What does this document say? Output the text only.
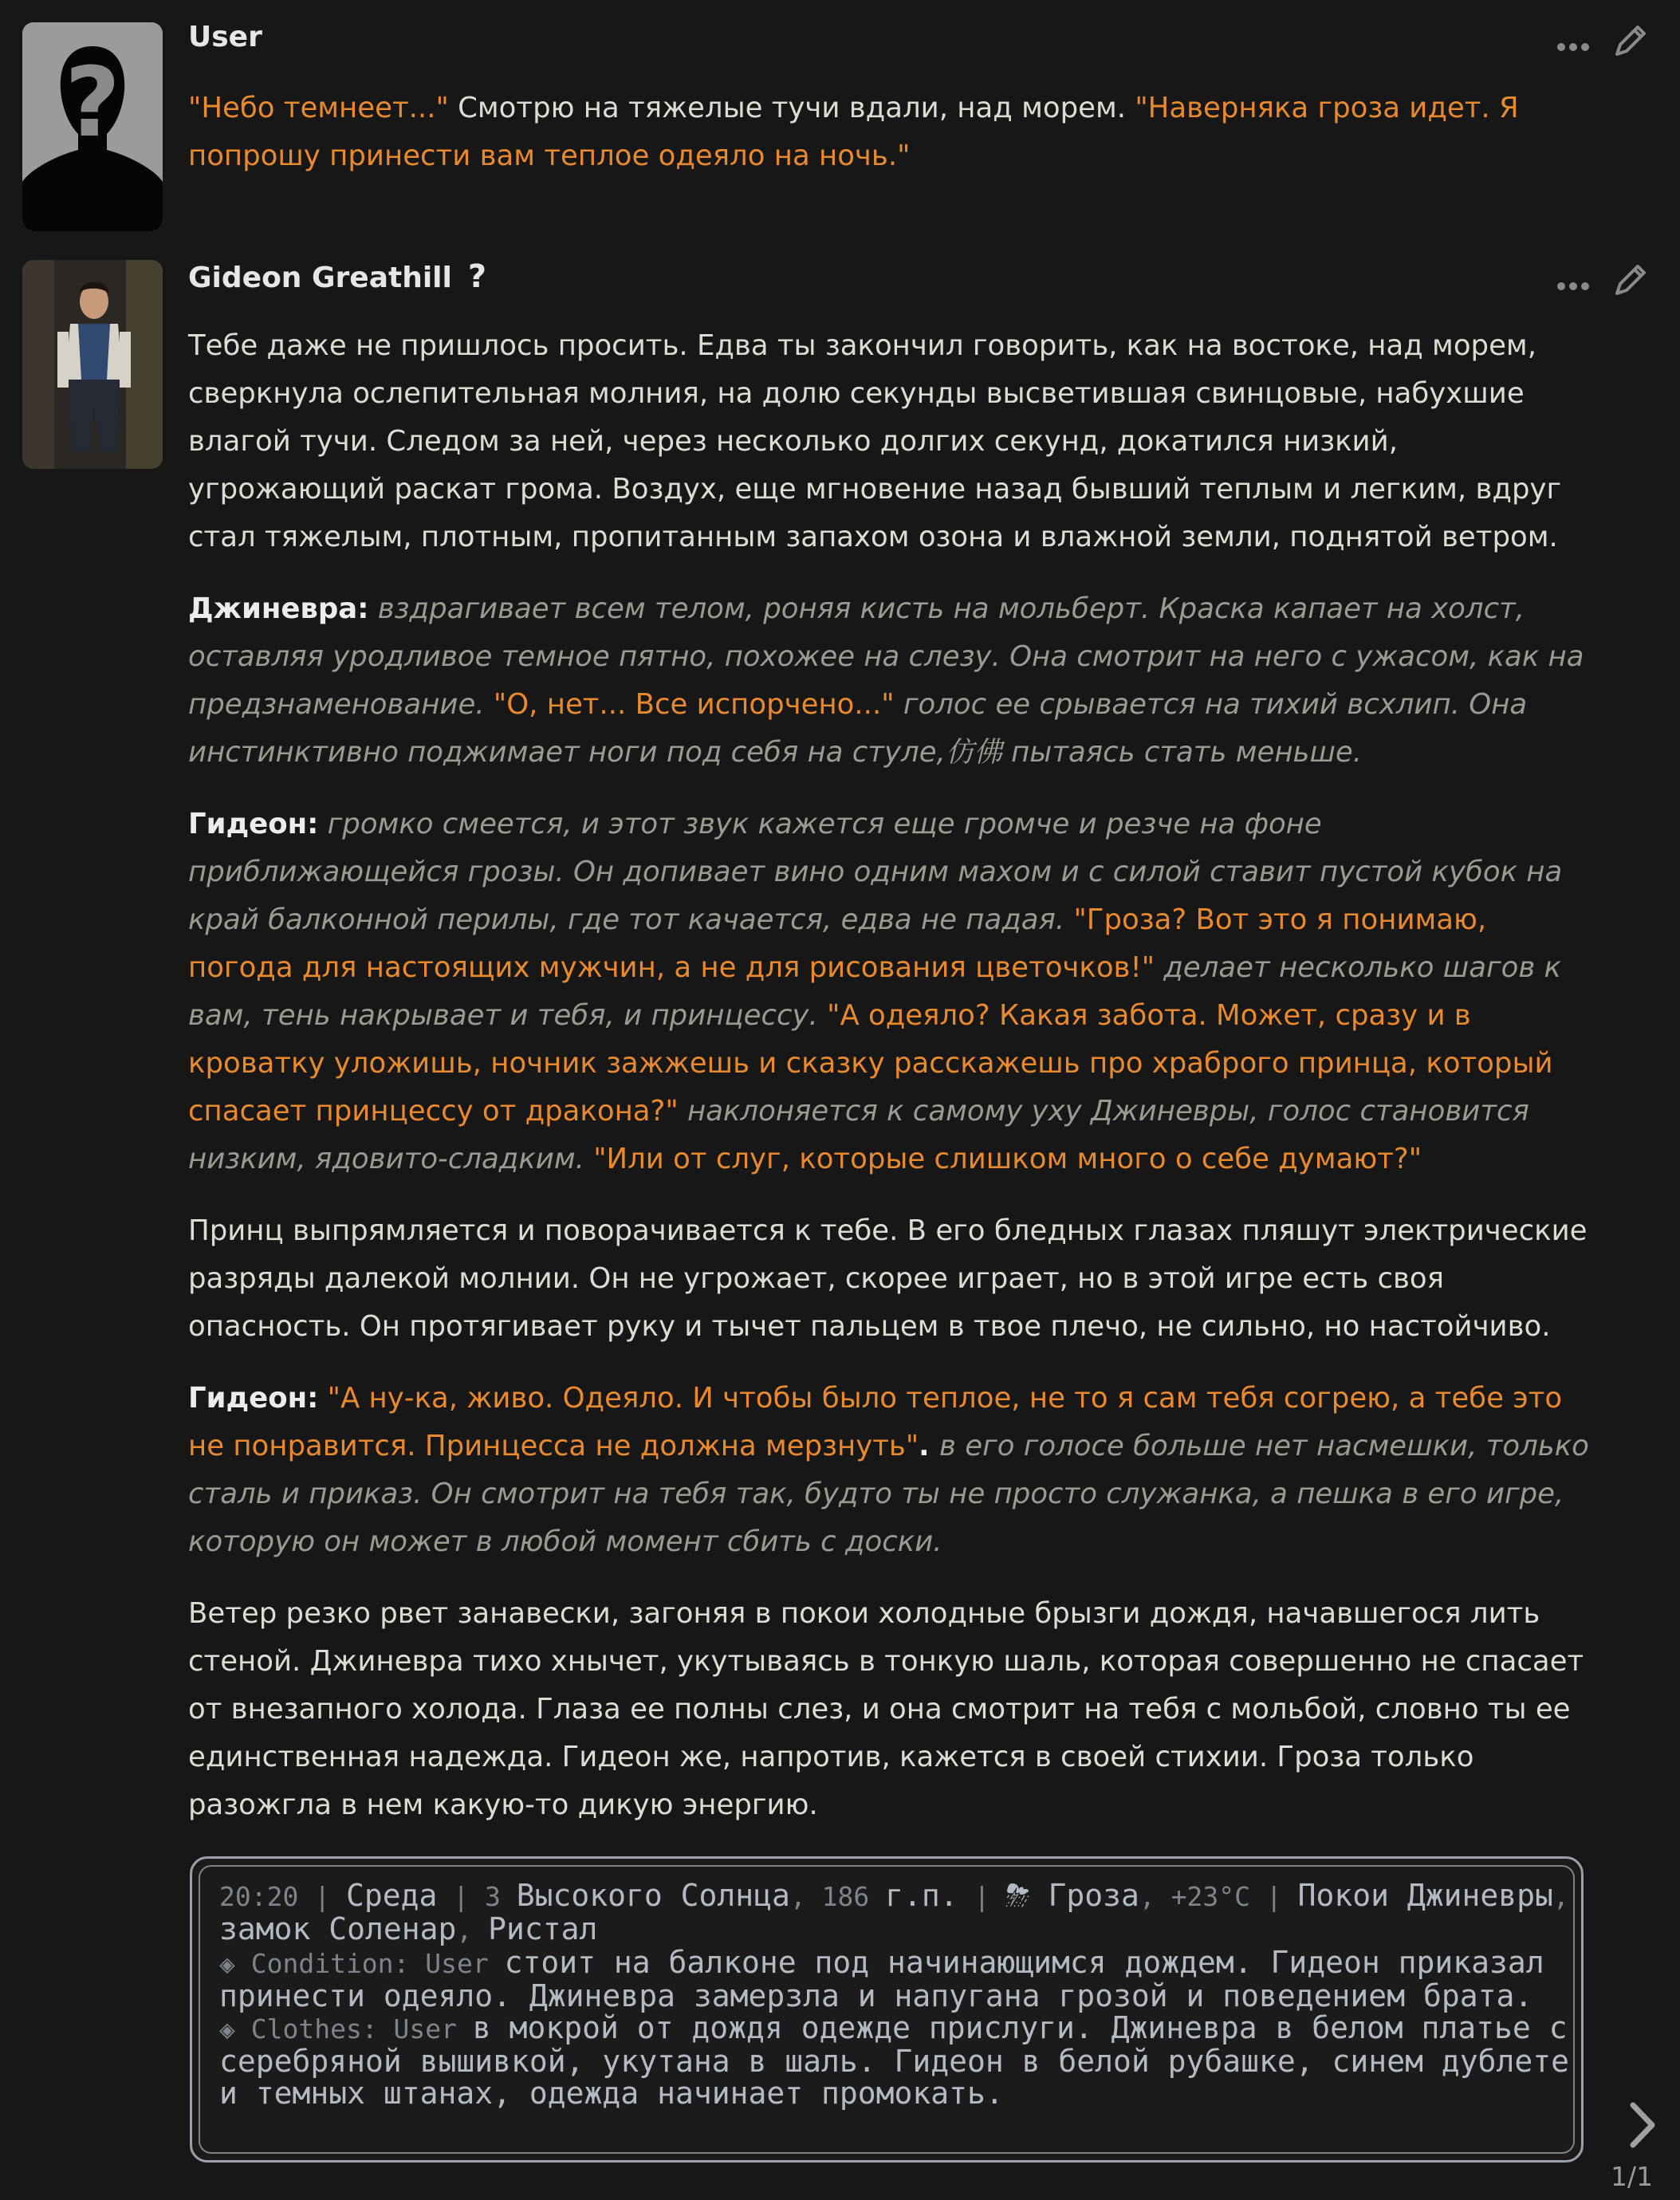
?
User

"Небо темнеет..." Смотрю на тяжелые тучи вдали, над морем. "Наверняка гроза идет. Я попрошу принести вам теплое одеяло на ночь."

Gideon Greathill ?

Тебе даже не пришлось просить. Едва ты закончил говорить, как на востоке, над морем, сверкнула ослепительная молния, на долю секунды высветившая свинцовые, набухшие влагой тучи. Следом за ней, через несколько долгих секунд, докатился низкий, угрожающий раскат грома. Воздух, еще мгновение назад бывший теплым и легким, вдруг стал тяжелым, плотным, пропитанным запахом озона и влажной земли, поднятой ветром.

Джиневра: вздрагивает всем телом, роняя кисть на мольберт. Краска капает на холст, оставляя уродливое темное пятно, похожее на слезу. Она смотрит на него с ужасом, как на предзнаменование. "О, нет... Все испорчено..." голос ее срывается на тихий всхлип. Она инстинктивно поджимает ноги под себя на стуле,仿佛 пытаясь стать меньше.

Гидеон: громко смеется, и этот звук кажется еще громче и резче на фоне приближающейся грозы. Он допивает вино одним махом и с силой ставит пустой кубок на край балконной перилы, где тот качается, едва не падая. "Гроза? Вот это я понимаю, погода для настоящих мужчин, а не для рисования цветочков!" делает несколько шагов к вам, тень накрывает и тебя, и принцессу. "А одеяло? Какая забота. Может, сразу и в кроватку уложишь, ночник зажжешь и сказку расскажешь про храброго принца, который спасает принцессу от дракона?" наклоняется к самому уху Джиневры, голос становится низким, ядовито-сладким. "Или от слуг, которые слишком много о себе думают?"

Принц выпрямляется и поворачивается к тебе. В его бледных глазах пляшут электрические разряды далекой молнии. Он не угрожает, скорее играет, но в этой игре есть своя опасность. Он протягивает руку и тычет пальцем в твое плечо, не сильно, но настойчиво.

Гидеон: "А ну-ка, живо. Одеяло. И чтобы было теплое, не то я сам тебя согрею, а тебе это не понравится. Принцесса не должна мерзнуть". в его голосе больше нет насмешки, только сталь и приказ. Он смотрит на тебя так, будто ты не просто служанка, а пешка в его игре, которую он может в любой момент сбить с доски.

Ветер резко рвет занавески, загоняя в покои холодные брызги дождя, начавшегося лить стеной. Джиневра тихо хнычет, укутываясь в тонкую шаль, которая совершенно не спасает от внезапного холода. Глаза ее полны слез, и она смотрит на тебя с мольбой, словно ты ее единственная надежда. Гидеон же, напротив, кажется в своей стихии. Гроза только разожгла в нем какую-то дикую энергию.

20:20 | Среда | 3 Высокого Солнца, 186 г.п. | ⛈ Гроза, +23°C | Покои Джиневры, замок Соленар, Ристал
◈ Condition: User стоит на балконе под начинающимся дождем. Гидеон приказал принести одеяло. Джиневра замерзла и напугана грозой и поведением брата.
◈ Clothes: User в мокрой от дождя одежде прислуги. Джиневра в белом платье с серебряной вышивкой, укутана в шаль. Гидеон в белой рубашке, синем дублете и темных штанах, одежда начинает промокать.
1/1
